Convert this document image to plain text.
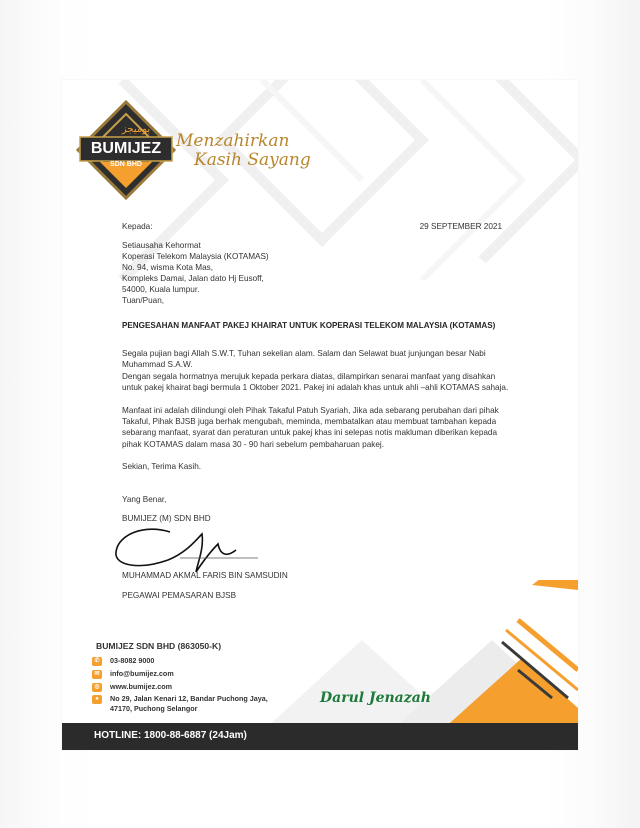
بوميجز
BUMIJEZ
SDN BHD
Menzahirkan
Kasih Sayang
Kepada:	29 SEPTEMBER 2021
Setiausaha Kehormat
Koperasi Telekom Malaysia (KOTAMAS)
No. 94, wisma Kota Mas,
Kompleks Damai, Jalan dato Hj Eusoff,
54000, Kuala lumpur.
Tuan/Puan,
PENGESAHAN MANFAAT PAKEJ KHAIRAT UNTUK KOPERASI TELEKOM MALAYSIA (KOTAMAS)
Segala pujian bagi Allah S.W.T, Tuhan sekelian alam. Salam dan Selawat buat junjungan besar Nabi Muhammad S.A.W.
Dengan segala hormatnya merujuk kepada perkara diatas, dilampirkan senarai manfaat yang disahkan untuk pakej khairat bagi bermula 1 Oktober 2021. Pakej ini adalah khas untuk ahli –ahli KOTAMAS sahaja.
Manfaat ini adalah dilindungi oleh Pihak Takaful Patuh Syariah, Jika ada sebarang perubahan dari pihak Takaful, Pihak BJSB juga berhak mengubah, meminda, membatalkan atau membuat tambahan kepada sebarang manfaat, syarat dan peraturan untuk pakej khas ini selepas notis makluman diberikan kepada pihak KOTAMAS dalam masa 30 - 90 hari sebelum pembaharuan pakej.
Sekian, Terima Kasih.
Yang Benar,
BUMIJEZ (M) SDN BHD
MUHAMMAD AKMAL FARIS BIN SAMSUDIN
PEGAWAI PEMASARAN BJSB
BUMIJEZ SDN BHD (863050-K)
✆ 03-8082 9000
✉ info@bumijez.com
◎ www.bumijez.com
● No 29, Jalan Kenari 12, Bandar Puchong Jaya,
47170, Puchong Selangor
Darul Jenazah
HOTLINE: 1800-88-6887 (24Jam)
